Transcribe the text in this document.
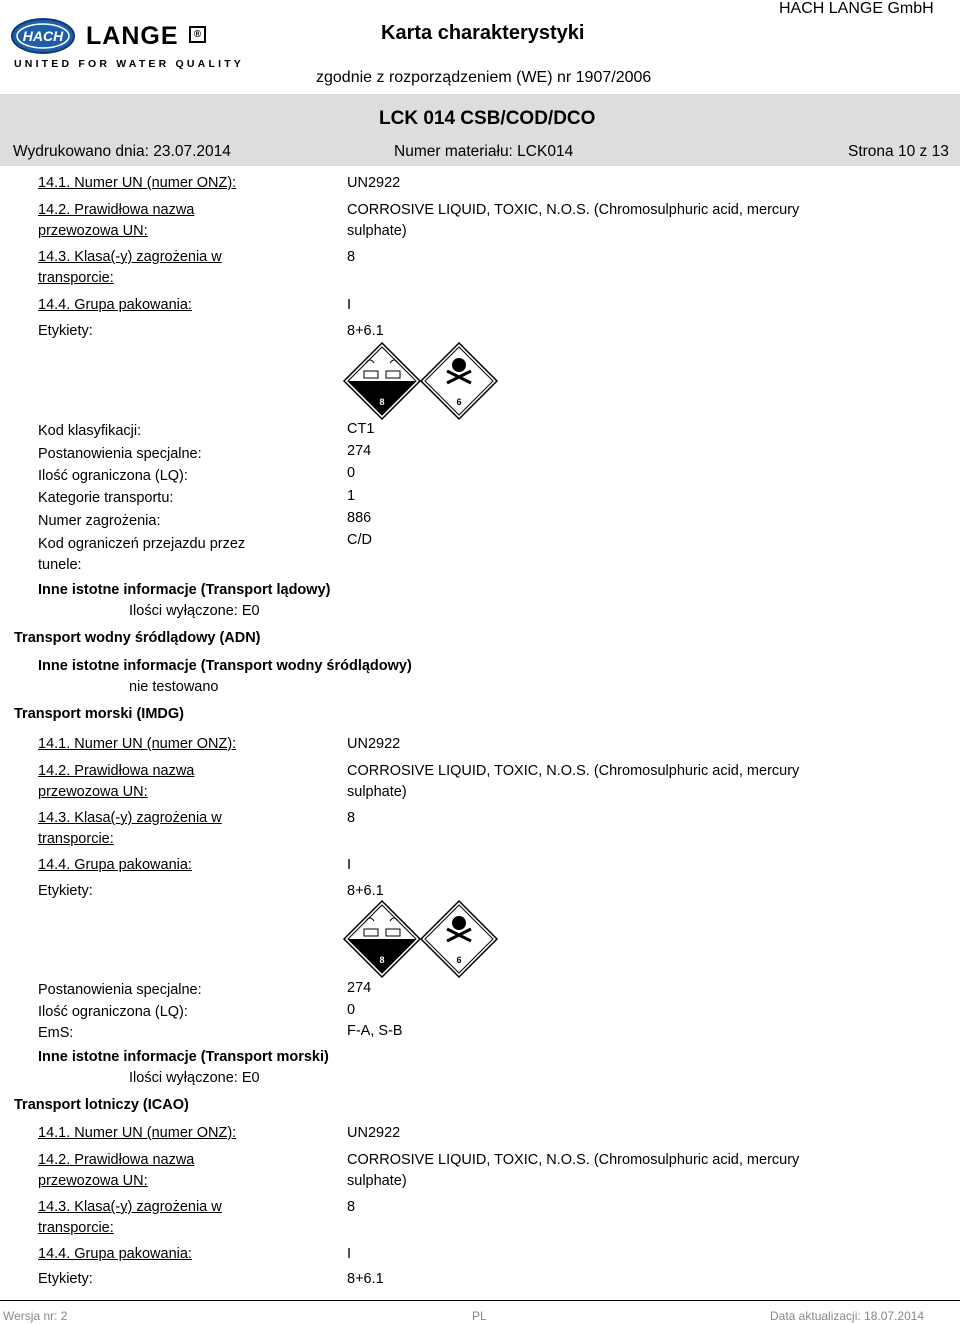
HACH LANGE ®
UNITED FOR WATER QUALITY
Karta charakterystyki
HACH LANGE GmbH
zgodnie z rozporządzeniem (WE) nr 1907/2006
LCK 014 CSB/COD/DCO
Wydrukowano dnia: 23.07.2014	Numer materiału: LCK014	Strona 10 z 13
14.1. Numer UN (numer ONZ):	UN2922
14.2. Prawidłowa nazwa
przewozowa UN:
CORROSIVE LIQUID, TOXIC, N.O.S. (Chromosulphuric acid, mercury
sulphate)
14.3. Klasa(-y) zagrożenia w
transporcie:
8
14.4. Grupa pakowania:	I
Etykiety:	8+6.1
8	6
Kod klasyfikacji:	CT1
Postanowienia specjalne:	274
Ilość ograniczona (LQ):	0
Kategorie transportu:	1
Numer zagrożenia:	886
Kod ograniczeń przejazdu przez
tunele:
C/D
Inne istotne informacje (Transport lądowy)
Ilości wyłączone: E0
Transport wodny śródlądowy (ADN)
Inne istotne informacje (Transport wodny śródlądowy)
nie testowano
Transport morski (IMDG)
14.1. Numer UN (numer ONZ):	UN2922
14.2. Prawidłowa nazwa
przewozowa UN:
CORROSIVE LIQUID, TOXIC, N.O.S. (Chromosulphuric acid, mercury
sulphate)
14.3. Klasa(-y) zagrożenia w
transporcie:
8
14.4. Grupa pakowania:	I
Etykiety:	8+6.1
8	6
Postanowienia specjalne:	274
Ilość ograniczona (LQ):	0
EmS:	F-A, S-B
Inne istotne informacje (Transport morski)
Ilości wyłączone: E0
Transport lotniczy (ICAO)
14.1. Numer UN (numer ONZ):	UN2922
14.2. Prawidłowa nazwa
przewozowa UN:
CORROSIVE LIQUID, TOXIC, N.O.S. (Chromosulphuric acid, mercury
sulphate)
14.3. Klasa(-y) zagrożenia w
transporcie:
8
14.4. Grupa pakowania:	I
Etykiety:	8+6.1
Wersja nr: 2	PL	Data aktualizacji: 18.07.2014
